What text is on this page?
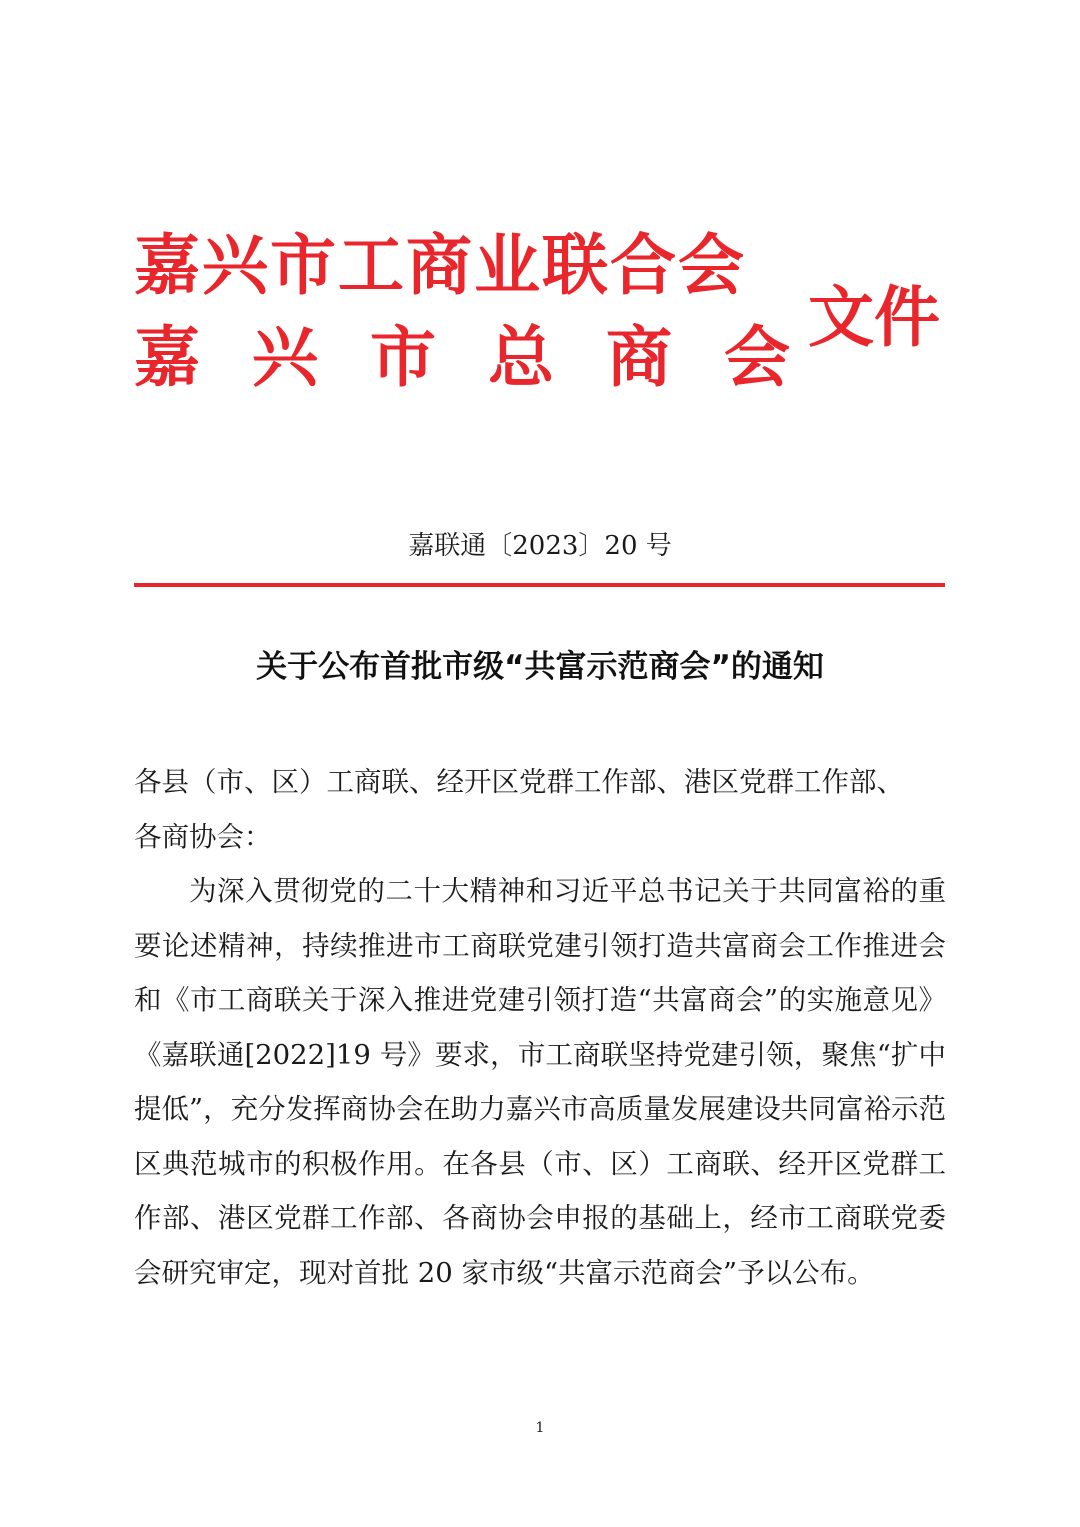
嘉兴市工商业联合会
嘉兴市总商会
文件
嘉联通〔2023〕20 号
关于公布首批市级“共富示范商会”的通知

各县（市、区）工商联、经开区党群工作部、港区党群工作部、

各商协会：

为深入贯彻党的二十大精神和习近平总书记关于共同富裕的重要论述精神，持续推进市工商联党建引领打造共富商会工作推进会和《市工商联关于深入推进党建引领打造“共富商会”的实施意见》《嘉联通[2022]19 号》要求，市工商联坚持党建引领，聚焦“扩中提低”，充分发挥商协会在助力嘉兴市高质量发展建设共同富裕示范区典范城市的积极作用。在各县（市、区）工商联、经开区党群工作部、港区党群工作部、各商协会申报的基础上，经市工商联党委会研究审定，现对首批 20 家市级“共富示范商会”予以公布。

1
